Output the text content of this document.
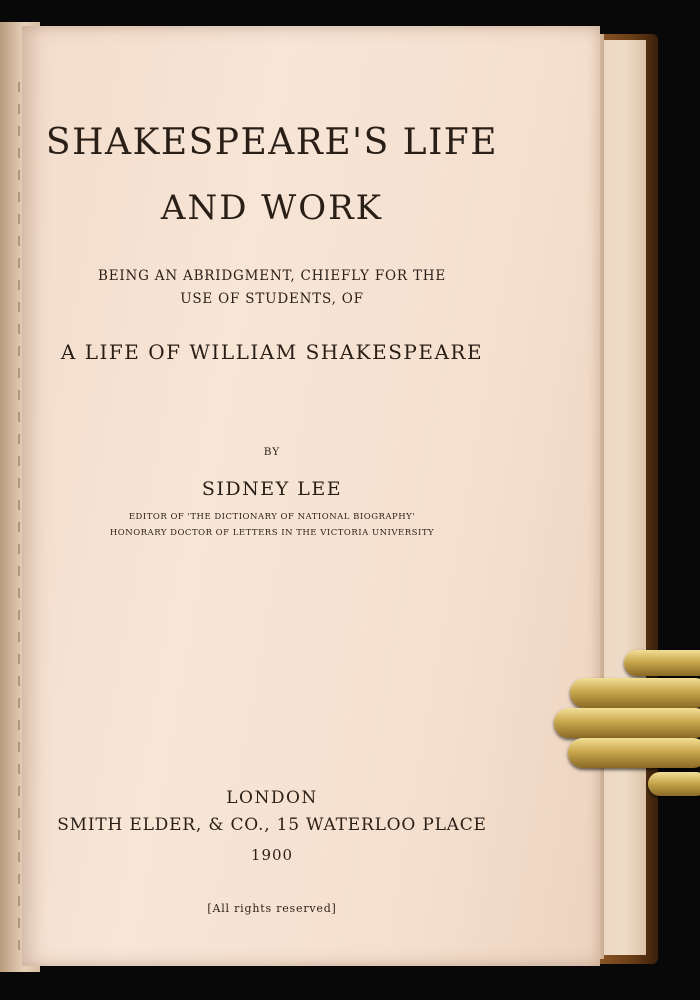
SHAKESPEARE'S LIFE
AND WORK
BEING AN ABRIDGMENT, CHIEFLY FOR THE
USE OF STUDENTS, OF
A LIFE OF WILLIAM SHAKESPEARE
BY
SIDNEY LEE
EDITOR OF 'THE DICTIONARY OF NATIONAL BIOGRAPHY'
HONORARY DOCTOR OF LETTERS IN THE VICTORIA UNIVERSITY
LONDON
SMITH ELDER, & CO., 15 WATERLOO PLACE
1900
[All rights reserved]
